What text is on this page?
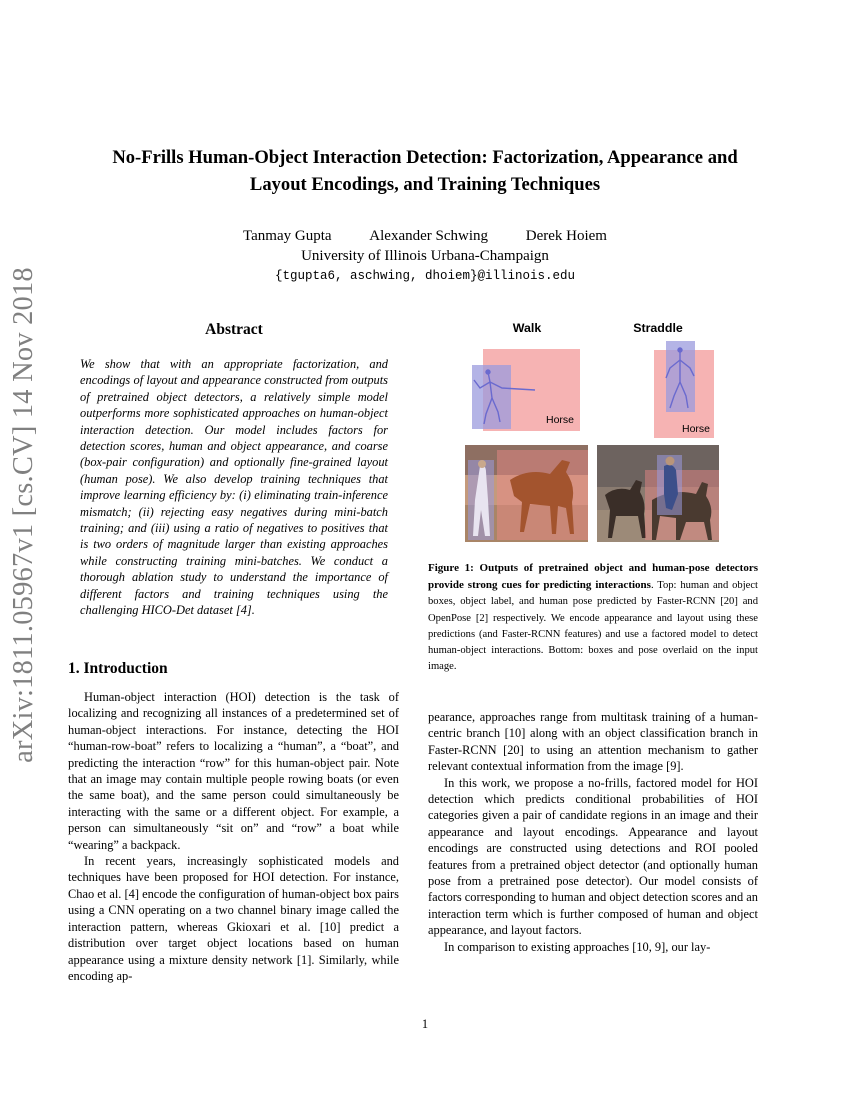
arXiv:1811.05967v1 [cs.CV] 14 Nov 2018
No-Frills Human-Object Interaction Detection: Factorization, Appearance and
Layout Encodings, and Training Techniques
Tanmay Gupta	Alexander Schwing	Derek Hoiem
University of Illinois Urbana-Champaign
{tgupta6, aschwing, dhoiem}@illinois.edu
Abstract
We show that with an appropriate factorization, and encodings of layout and appearance constructed from outputs of pretrained object detectors, a relatively simple model outperforms more sophisticated approaches on human-object interaction detection. Our model includes factors for detection scores, human and object appearance, and coarse (box-pair configuration) and optionally fine-grained layout (human pose). We also develop training techniques that improve learning efficiency by: (i) eliminating train-inference mismatch; (ii) rejecting easy negatives during mini-batch training; and (iii) using a ratio of negatives to positives that is two orders of magnitude larger than existing approaches while constructing training mini-batches. We conduct a thorough ablation study to understand the importance of different factors and training techniques using the challenging HICO-Det dataset [4].
Walk	Straddle
Horse
Horse
Figure 1: Outputs of pretrained object and human-pose detectors provide strong cues for predicting interactions. Top: human and object boxes, object label, and human pose predicted by Faster-RCNN [20] and OpenPose [2] respectively. We encode appearance and layout using these predictions (and Faster-RCNN features) and use a factored model to detect human-object interactions. Bottom: boxes and pose overlaid on the input image.
1. Introduction

Human-object interaction (HOI) detection is the task of localizing and recognizing all instances of a predetermined set of human-object interactions. For instance, detecting the HOI “human-row-boat” refers to localizing a “human”, a “boat”, and predicting the interaction “row” for this human-object pair. Note that an image may contain multiple people rowing boats (or even the same boat), and the same person could simultaneously be interacting with the same or a different object. For example, a person can simultaneously “sit on” and “row” a boat while “wearing” a backpack.

In recent years, increasingly sophisticated models and techniques have been proposed for HOI detection. For instance, Chao et al. [4] encode the configuration of human-object box pairs using a CNN operating on a two channel binary image called the interaction pattern, whereas Gkioxari et al. [10] predict a distribution over target object locations based on human appearance using a mixture density network [1]. Similarly, while encoding ap-

pearance, approaches range from multitask training of a human-centric branch [10] along with an object classification branch in Faster-RCNN [20] to using an attention mechanism to gather relevant contextual information from the image [9].

In this work, we propose a no-frills, factored model for HOI detection which predicts conditional probabilities of HOI categories given a pair of candidate regions in an image and their appearance and layout encodings. Appearance and layout encodings are constructed using detections and ROI pooled features from a pretrained object detector (and optionally human pose from a pretrained pose detector). Our model consists of factors corresponding to human and object detection scores and an interaction term which is further composed of human and object appearance, and layout factors.

In comparison to existing approaches [10, 9], our lay-

1
